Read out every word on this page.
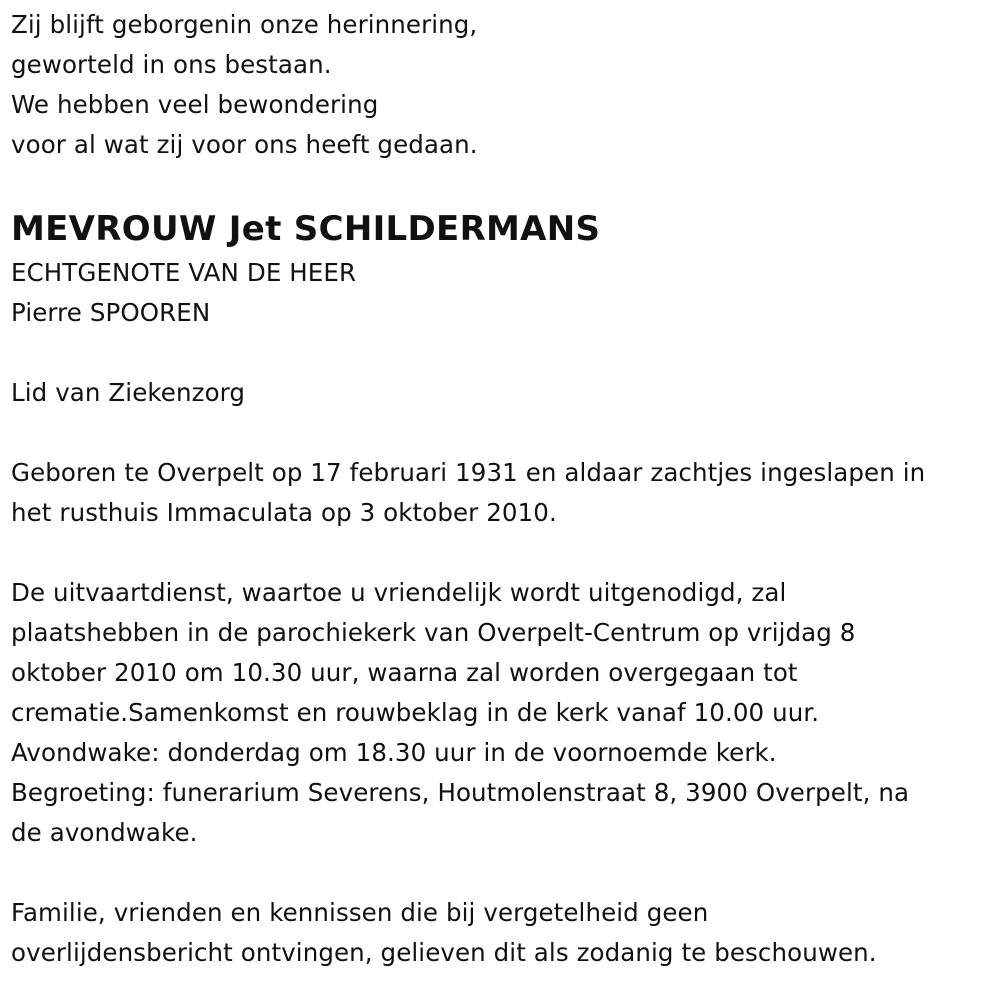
Zij blijft geborgenin onze herinnering,
geworteld in ons bestaan.
We hebben veel bewondering
voor al wat zij voor ons heeft gedaan.
MEVROUW Jet SCHILDERMANS
ECHTGENOTE VAN DE HEER
Pierre SPOOREN
Lid van Ziekenzorg
Geboren te Overpelt op 17 februari 1931 en aldaar zachtjes ingeslapen in
het rusthuis Immaculata op 3 oktober 2010.
De uitvaartdienst, waartoe u vriendelijk wordt uitgenodigd, zal
plaatshebben in de parochiekerk van Overpelt-Centrum op vrijdag 8
oktober 2010 om 10.30 uur, waarna zal worden overgegaan tot
crematie.Samenkomst en rouwbeklag in de kerk vanaf 10.00 uur.
Avondwake: donderdag om 18.30 uur in de voornoemde kerk.
Begroeting: funerarium Severens, Houtmolenstraat 8, 3900 Overpelt, na
de avondwake.
Familie, vrienden en kennissen die bij vergetelheid geen
overlijdensbericht ontvingen, gelieven dit als zodanig te beschouwen.
